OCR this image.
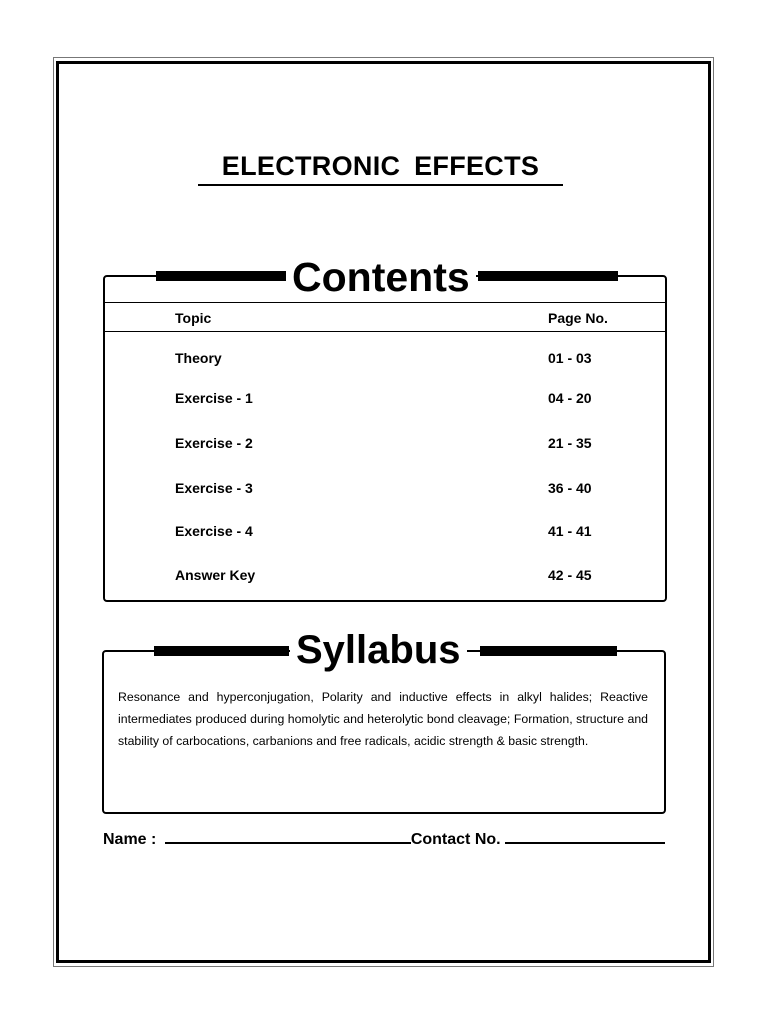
ELECTRONIC EFFECTS
Contents
Topic	Page No.
Theory	01 - 03
Exercise - 1	04 - 20
Exercise - 2	21 - 35
Exercise - 3	36 - 40
Exercise - 4	41 - 41
Answer Key	42 - 45
Syllabus
Resonance and hyperconjugation, Polarity and inductive effects in alkyl halides; Reactive intermediates produced during homolytic and heterolytic bond cleavage; Formation, structure and stability of carbocations, carbanions and free radicals, acidic strength & basic strength.
Name :	Contact No.
